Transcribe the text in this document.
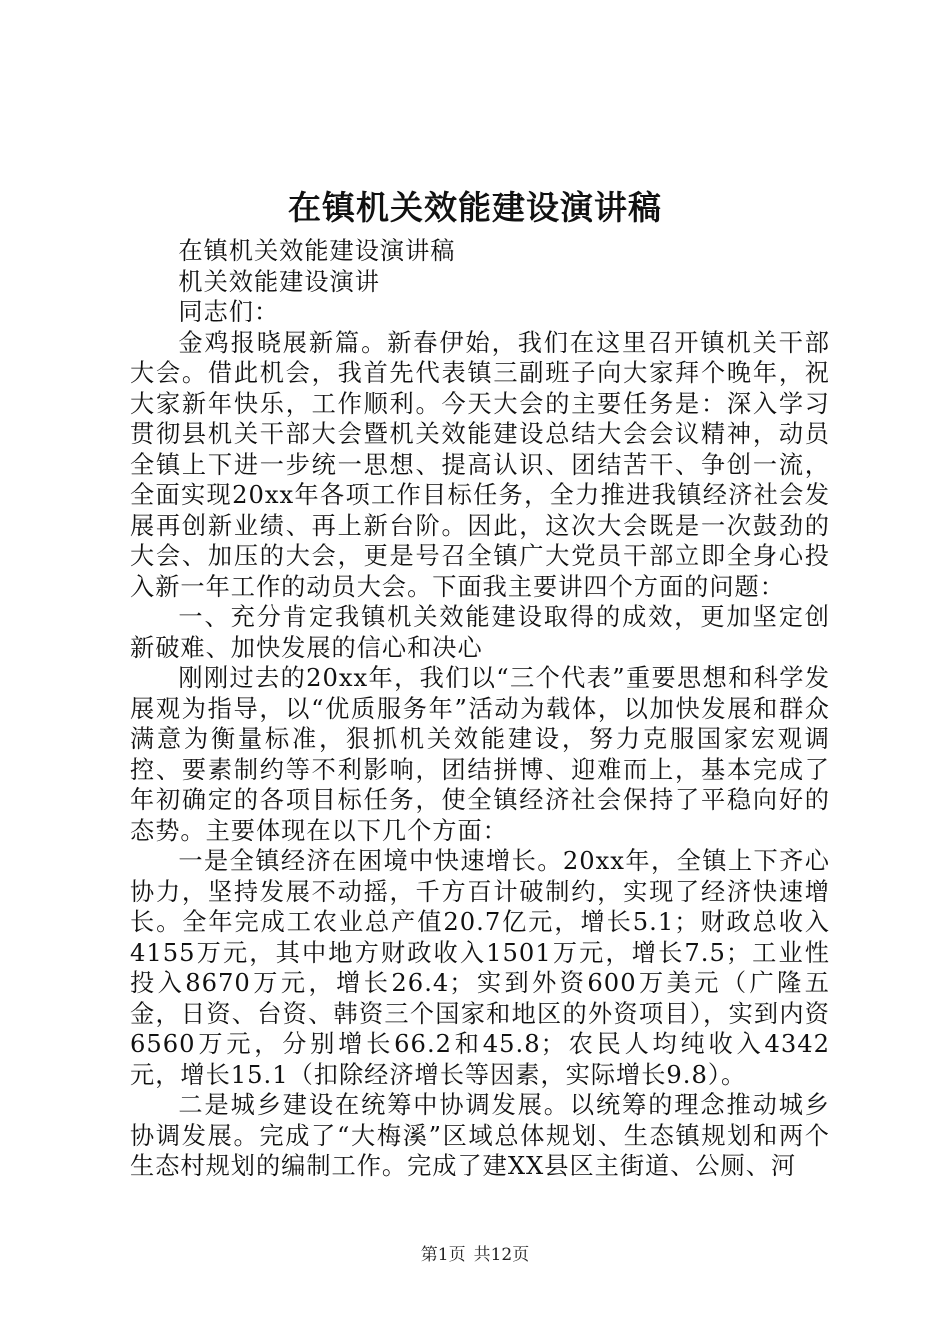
在镇机关效能建设演讲稿

在镇机关效能建设演讲稿

机关效能建设演讲

同志们：

金鸡报晓展新篇。新春伊始，我们在这里召开镇机关干部大会。借此机会，我首先代表镇三副班子向大家拜个晚年，祝大家新年快乐，工作顺利。今天大会的主要任务是：深入学习贯彻县机关干部大会暨机关效能建设总结大会会议精神，动员全镇上下进一步统一思想、提高认识、团结苦干、争创一流，全面实现20xx年各项工作目标任务，全力推进我镇经济社会发展再创新业绩、再上新台阶。因此，这次大会既是一次鼓劲的大会、加压的大会，更是号召全镇广大党员干部立即全身心投入新一年工作的动员大会。下面我主要讲四个方面的问题：

一、充分肯定我镇机关效能建设取得的成效，更加坚定创新破难、加快发展的信心和决心

刚刚过去的20xx年，我们以“三个代表”重要思想和科学发展观为指导，以“优质服务年”活动为载体，以加快发展和群众满意为衡量标准，狠抓机关效能建设，努力克服国家宏观调控、要素制约等不利影响，团结拼博、迎难而上，基本完成了年初确定的各项目标任务，使全镇经济社会保持了平稳向好的态势。主要体现在以下几个方面：

一是全镇经济在困境中快速增长。20xx年，全镇上下齐心协力，坚持发展不动摇，千方百计破制约，实现了经济快速增长。全年完成工农业总产值20.7亿元，增长5.1；财政总收入4155万元，其中地方财政收入1501万元，增长7.5；工业性投入8670万元，增长26.4；实到外资600万美元（广隆五金，日资、台资、韩资三个国家和地区的外资项目），实到内资6560万元，分别增长66.2和45.8；农民人均纯收入4342元，增长15.1（扣除经济增长等因素，实际增长9.8）。

二是城乡建设在统筹中协调发展。以统筹的理念推动城乡协调发展。完成了“大梅溪”区域总体规划、生态镇规划和两个生态村规划的编制工作。完成了建XX县区主街道、公厕、河

第1页 共12页
